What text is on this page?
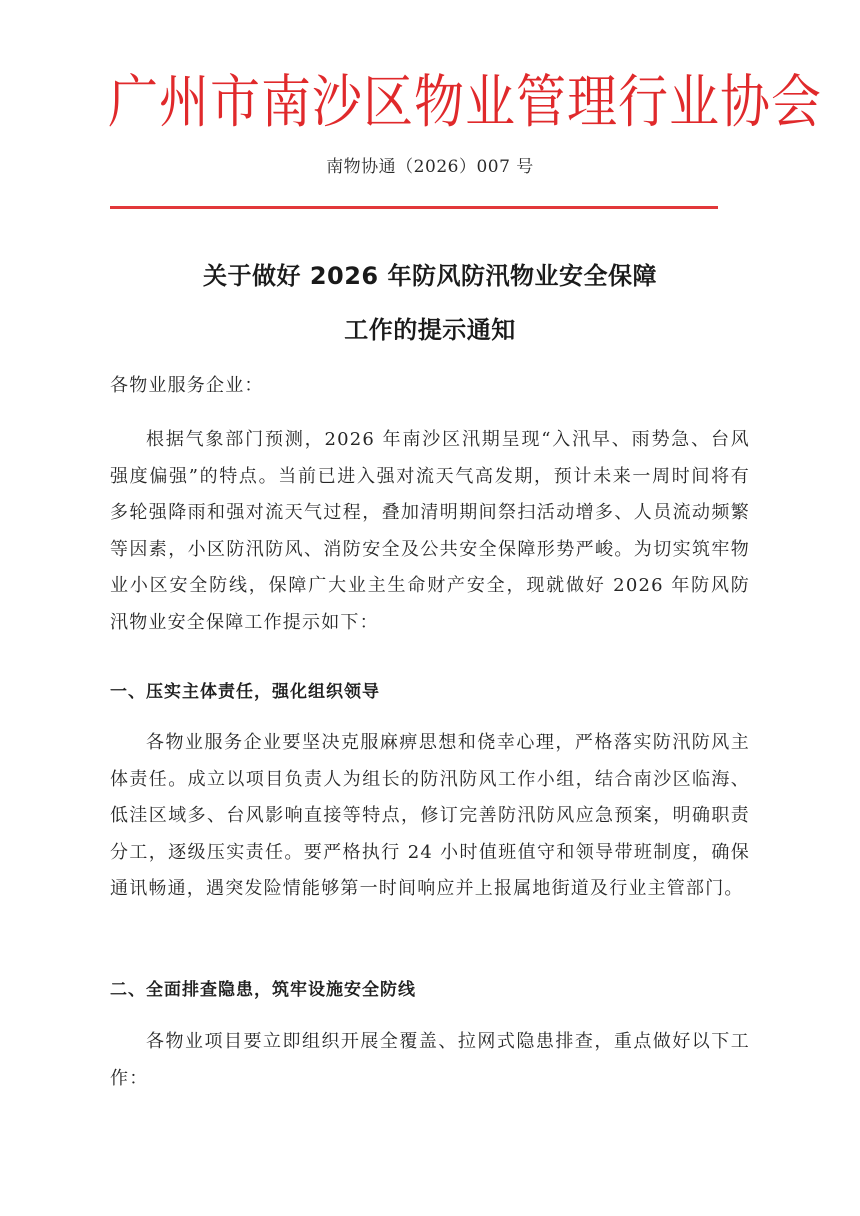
广州市南沙区物业管理行业协会
南物协通（2026）007 号
关于做好 2026 年防风防汛物业安全保障
工作的提示通知
各物业服务企业：
根据气象部门预测，2026 年南沙区汛期呈现“入汛早、雨势急、台风强度偏强”的特点。当前已进入强对流天气高发期，预计未来一周时间将有多轮强降雨和强对流天气过程，叠加清明期间祭扫活动增多、人员流动频繁等因素，小区防汛防风、消防安全及公共安全保障形势严峻。为切实筑牢物业小区安全防线，保障广大业主生命财产安全，现就做好 2026 年防风防汛物业安全保障工作提示如下：
一、压实主体责任，强化组织领导
各物业服务企业要坚决克服麻痹思想和侥幸心理，严格落实防汛防风主体责任。成立以项目负责人为组长的防汛防风工作小组，结合南沙区临海、低洼区域多、台风影响直接等特点，修订完善防汛防风应急预案，明确职责分工，逐级压实责任。要严格执行 24 小时值班值守和领导带班制度，确保通讯畅通，遇突发险情能够第一时间响应并上报属地街道及行业主管部门。
二、全面排查隐患，筑牢设施安全防线
各物业项目要立即组织开展全覆盖、拉网式隐患排查，重点做好以下工作：
